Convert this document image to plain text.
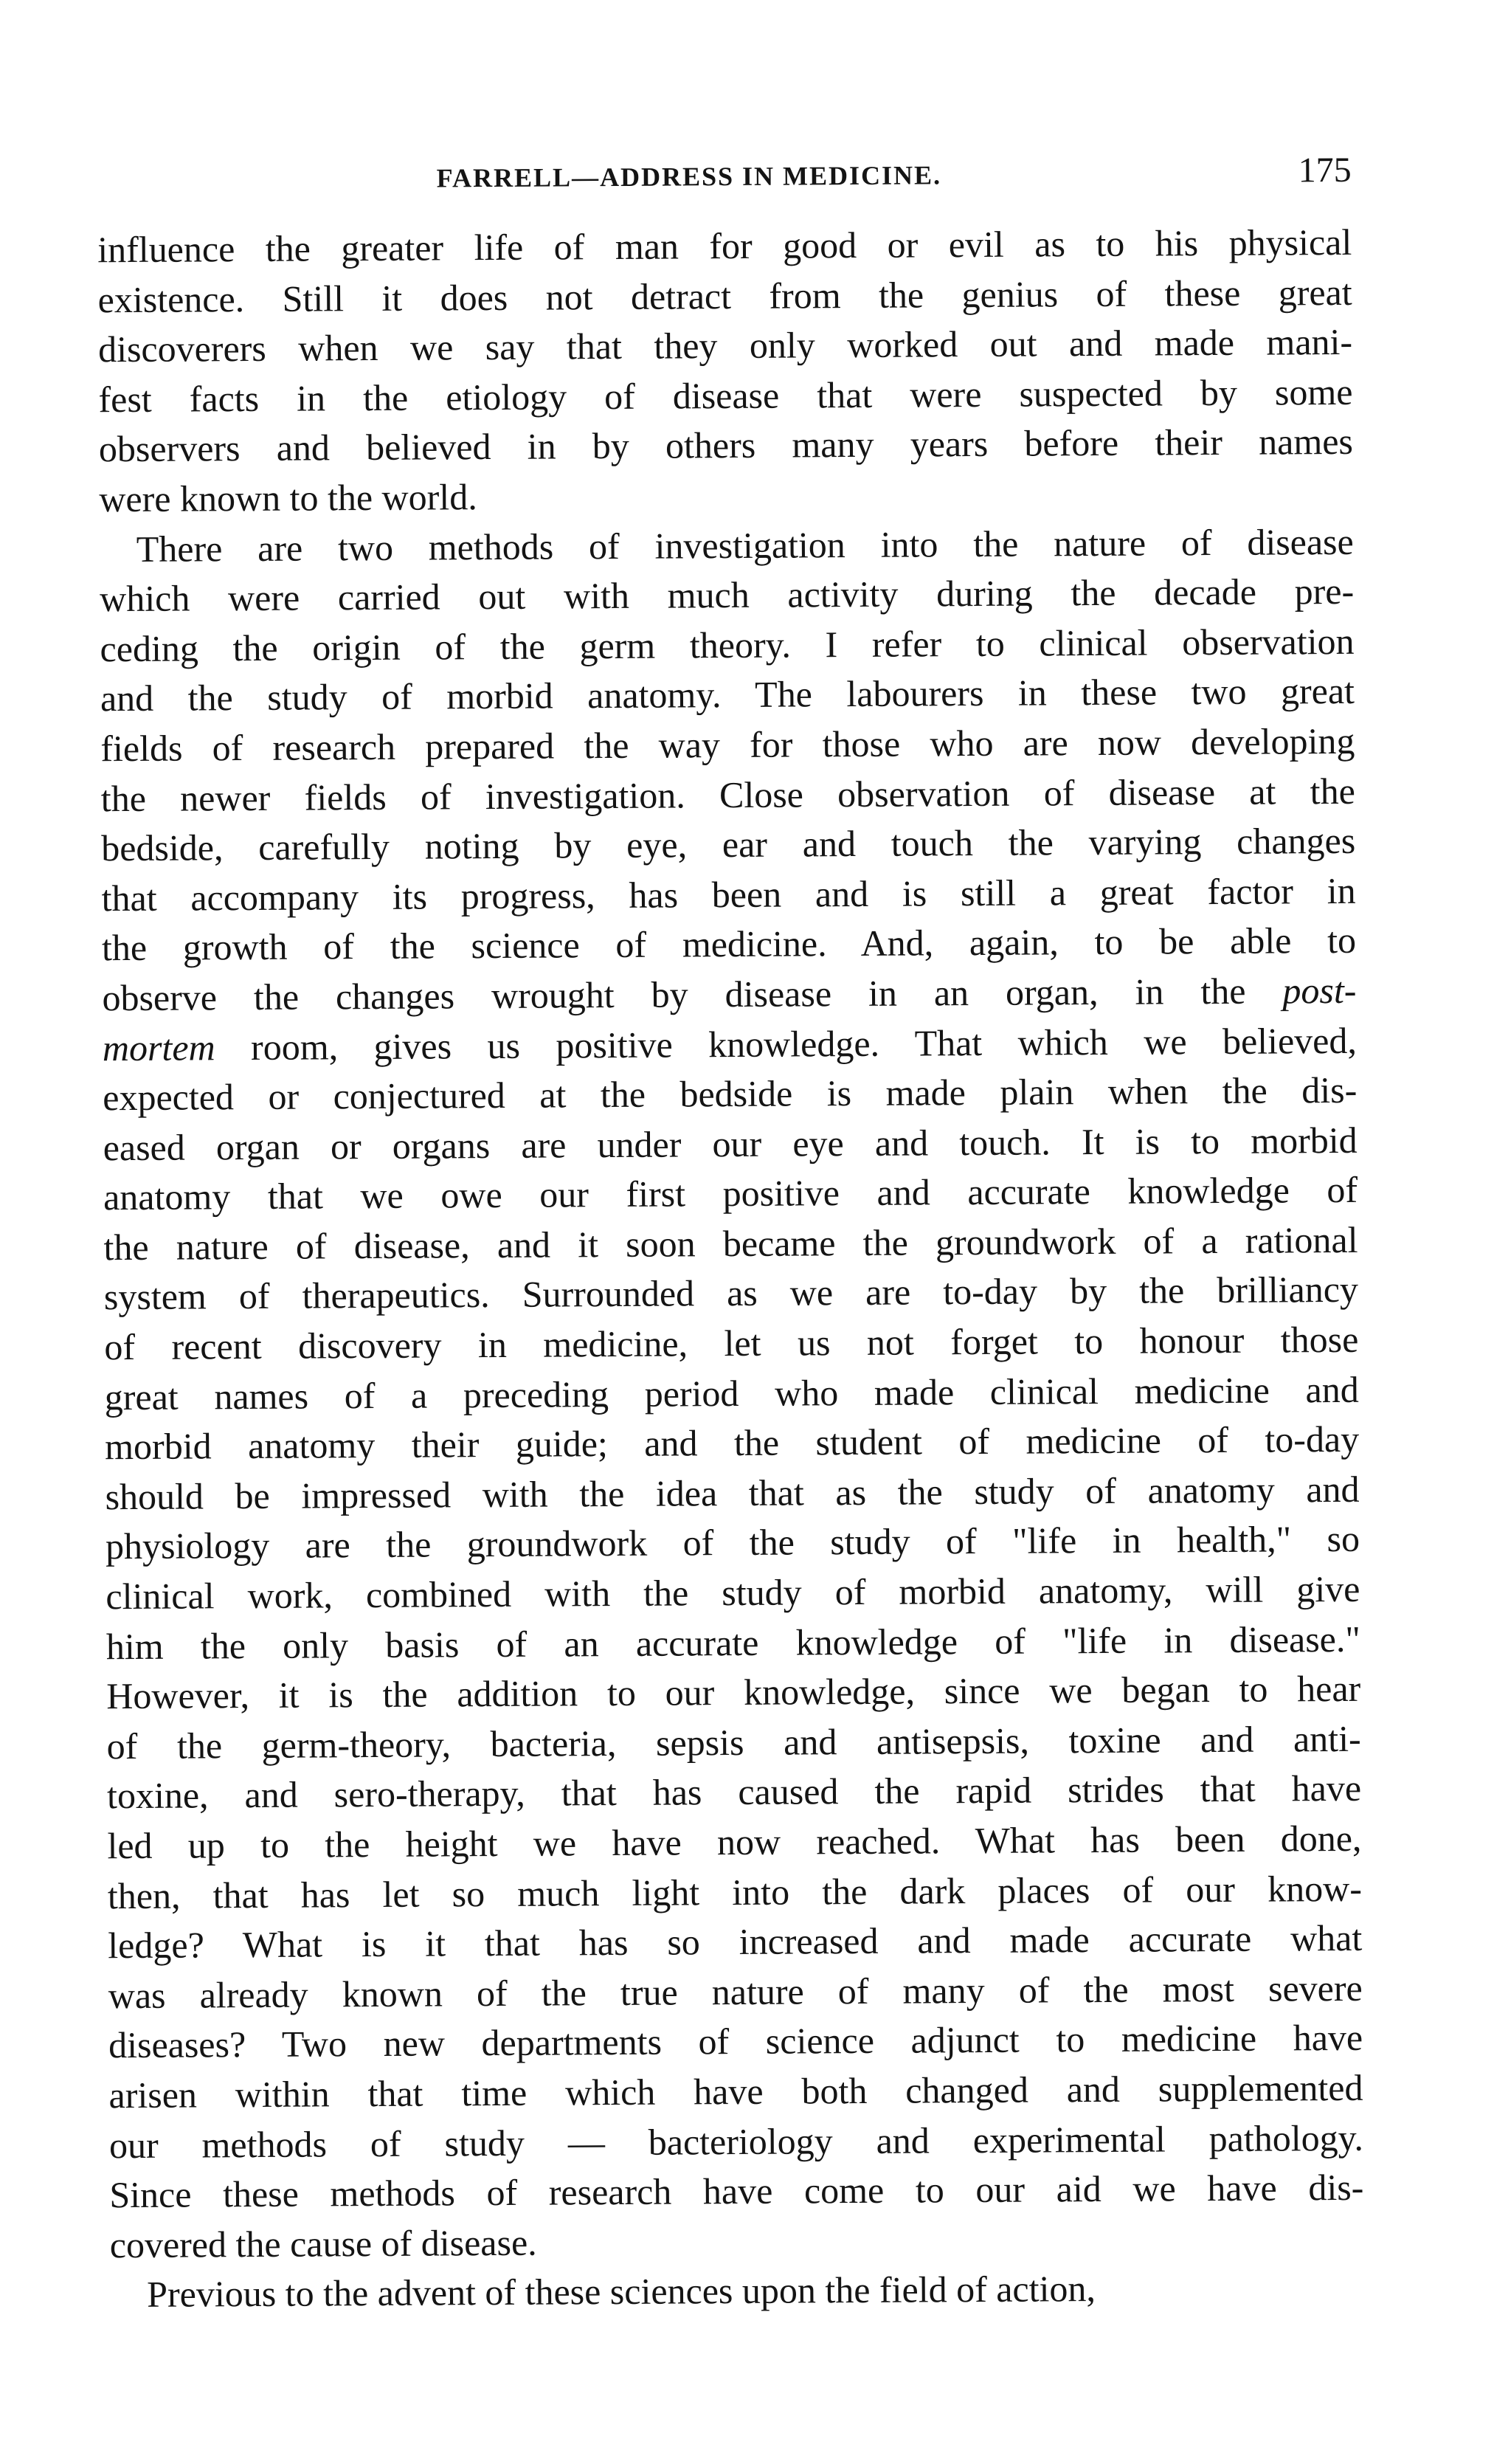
FARRELL—ADDRESS IN MEDICINE.	175
influence the greater life of man for good or evil as to his physical
existence. Still it does not detract from the genius of these great
discoverers when we say that they only worked out and made mani-
fest facts in the etiology of disease that were suspected by some
observers and believed in by others many years before their names
were known to the world.
There are two methods of investigation into the nature of disease
which were carried out with much activity during the decade pre-
ceding the origin of the germ theory. I refer to clinical observation
and the study of morbid anatomy. The labourers in these two great
fields of research prepared the way for those who are now developing
the newer fields of investigation. Close observation of disease at the
bedside, carefully noting by eye, ear and touch the varying changes
that accompany its progress, has been and is still a great factor in
the growth of the science of medicine. And, again, to be able to
observe the changes wrought by disease in an organ, in the post-
mortem room, gives us positive knowledge. That which we believed,
expected or conjectured at the bedside is made plain when the dis-
eased organ or organs are under our eye and touch. It is to morbid
anatomy that we owe our first positive and accurate knowledge of
the nature of disease, and it soon became the groundwork of a rational
system of therapeutics. Surrounded as we are to-day by the brilliancy
of recent discovery in medicine, let us not forget to honour those
great names of a preceding period who made clinical medicine and
morbid anatomy their guide; and the student of medicine of to-day
should be impressed with the idea that as the study of anatomy and
physiology are the groundwork of the study of "life in health," so
clinical work, combined with the study of morbid anatomy, will give
him the only basis of an accurate knowledge of "life in disease."
However, it is the addition to our knowledge, since we began to hear
of the germ-theory, bacteria, sepsis and antisepsis, toxine and anti-
toxine, and sero-therapy, that has caused the rapid strides that have
led up to the height we have now reached. What has been done,
then, that has let so much light into the dark places of our know-
ledge? What is it that has so increased and made accurate what
was already known of the true nature of many of the most severe
diseases? Two new departments of science adjunct to medicine have
arisen within that time which have both changed and supplemented
our methods of study — bacteriology and experimental pathology.
Since these methods of research have come to our aid we have dis-
covered the cause of disease.
Previous to the advent of these sciences upon the field of action,
